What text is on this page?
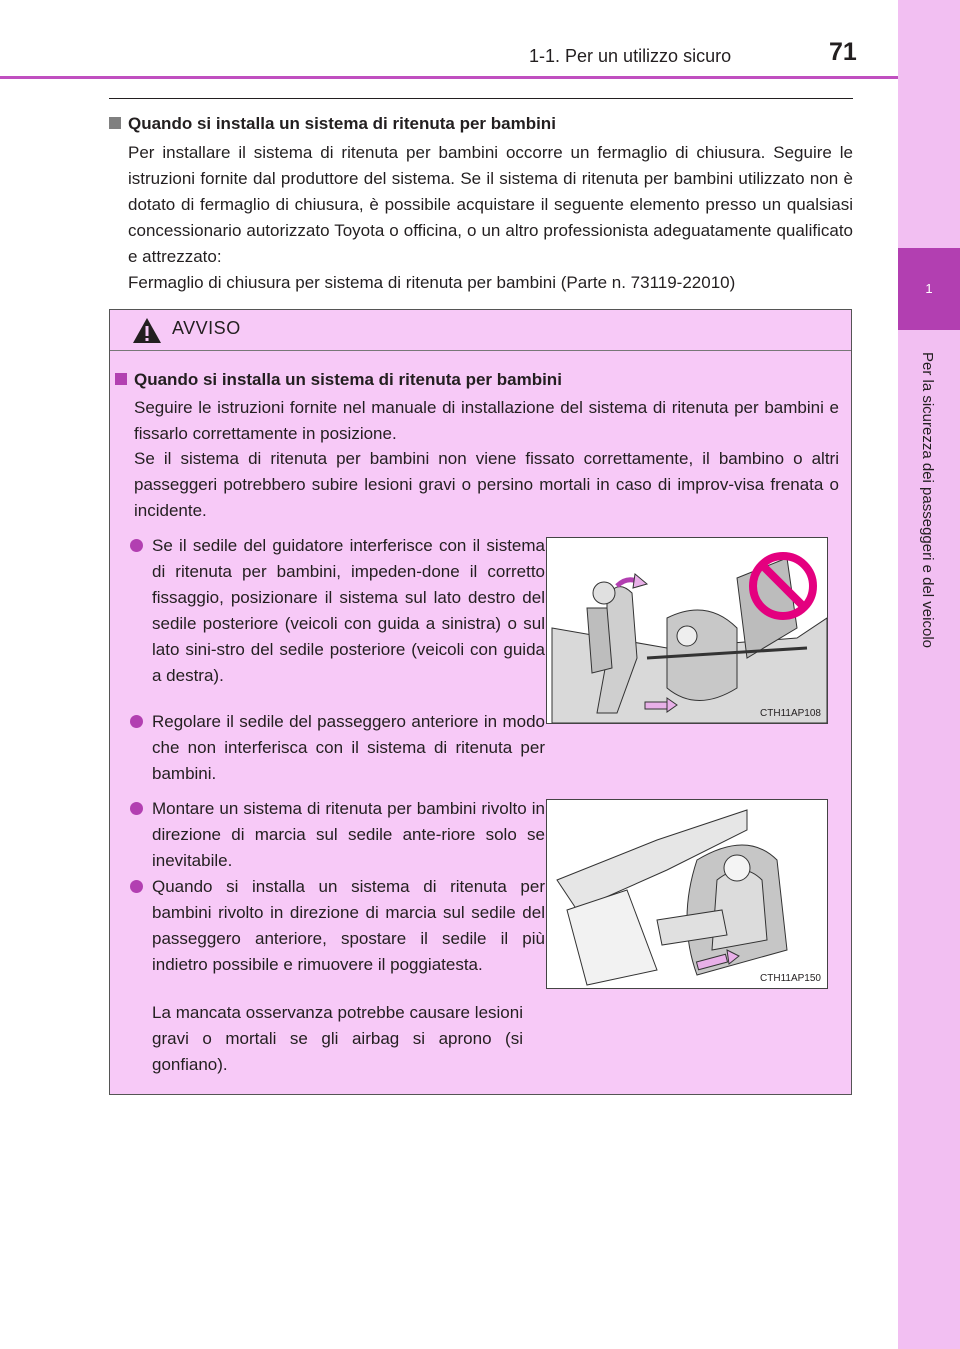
1
Per la sicurezza dei passeggeri e del veicolo
1-1. Per un utilizzo sicuro	71
Quando si installa un sistema di ritenuta per bambini

Per installare il sistema di ritenuta per bambini occorre un fermaglio di chiusura. Seguire le istruzioni fornite dal produttore del sistema. Se il sistema di ritenuta per bambini utilizzato non è dotato di fermaglio di chiusura, è possibile acquistare il seguente elemento presso un qualsiasi concessionario autorizzato Toyota o officina, o un altro professionista adeguatamente qualificato e attrezzato:

Fermaglio di chiusura per sistema di ritenuta per bambini (Parte n. 73119-22010)

AVVISO
Quando si installa un sistema di ritenuta per bambini

Seguire le istruzioni fornite nel manuale di installazione del sistema di ritenuta per bambini e fissarlo correttamente in posizione.

Se il sistema di ritenuta per bambini non viene fissato correttamente, il bambino o altri passeggeri potrebbero subire lesioni gravi o persino mortali in caso di improv-visa frenata o incidente.

Se il sedile del guidatore interferisce con il sistema di ritenuta per bambini, impeden-done il corretto fissaggio, posizionare il sistema sul lato destro del sedile posteriore (veicoli con guida a sinistra) o sul lato sini-stro del sedile posteriore (veicoli con guida a destra).
Regolare il sedile del passeggero anteriore in modo che non interferisca con il sistema di ritenuta per bambini.
Montare un sistema di ritenuta per bambini rivolto in direzione di marcia sul sedile ante-riore solo se inevitabile.
Quando si installa un sistema di ritenuta per bambini rivolto in direzione di marcia sul sedile del passeggero anteriore, spostare il sedile il più indietro possibile e rimuovere il poggiatesta.

La mancata osservanza potrebbe causare lesioni gravi o mortali se gli airbag si aprono (si gonfiano).

CTH11AP108
CTH11AP150
